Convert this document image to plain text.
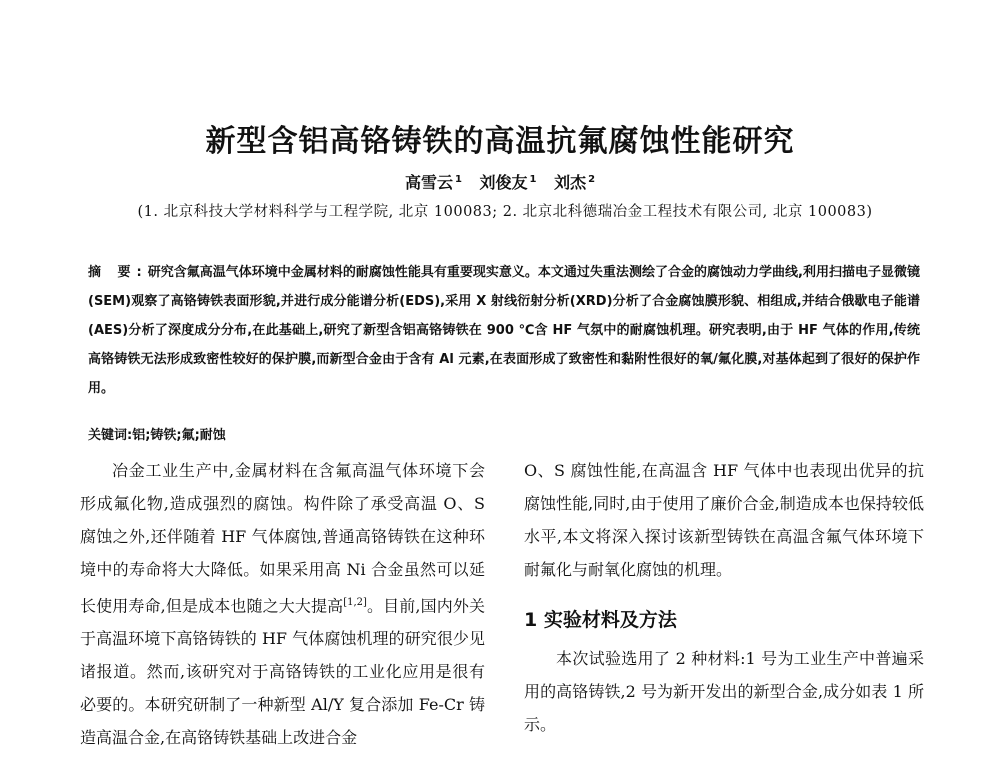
新型含铝高铬铸铁的高温抗氟腐蚀性能研究
高雪云 $^1$ 刘俊友 $^1$ 刘杰 $^2$
(1. 北京科技大学材料科学与工程学院, 北京 100083; 2. 北京北科德瑞冶金工程技术有限公司, 北京 100083)
摘 要:研究含氟高温气体环境中金属材料的耐腐蚀性能具有重要现实意义。本文通过失重法测绘了合金的腐蚀动力学曲线,利用扫描电子显微镜(SEM)观察了高铬铸铁表面形貌,并进行成分能谱分析(EDS),采用 X 射线衍射分析(XRD)分析了合金腐蚀膜形貌、相组成,并结合俄歇电子能谱(AES)分析了深度成分分布,在此基础上,研究了新型含铝高铬铸铁在 900 ℃含 HF 气氛中的耐腐蚀机理。研究表明,由于 HF 气体的作用,传统高铬铸铁无法形成致密性较好的保护膜,而新型合金由于含有 Al 元素,在表面形成了致密性和黏附性很好的氧/氟化膜,对基体起到了很好的保护作用。
关键词:铝;铸铁;氟;耐蚀

冶金工业生产中,金属材料在含氟高温气体环境下会形成氟化物,造成强烈的腐蚀。构件除了承受高温 O、S 腐蚀之外,还伴随着 HF 气体腐蚀,普通高铬铸铁在这种环境中的寿命将大大降低。如果采用高 Ni 合金虽然可以延长使用寿命,但是成本也随之大大提高[1,2]。目前,国内外关于高温环境下高铬铸铁的 HF 气体腐蚀机理的研究很少见诸报道。然而,该研究对于高铬铸铁的工业化应用是很有必要的。本研究研制了一种新型 Al/Y 复合添加 Fe-Cr 铸造高温合金,在高铬铸铁基础上改进合金

O、S 腐蚀性能,在高温含 HF 气体中也表现出优异的抗腐蚀性能,同时,由于使用了廉价合金,制造成本也保持较低水平,本文将深入探讨该新型铸铁在高温含氟气体环境下耐氟化与耐氧化腐蚀的机理。

1 实验材料及方法

本次试验选用了 2 种材料:1 号为工业生产中普遍采用的高铬铸铁,2 号为新开发出的新型合金,成分如表 1 所示。
